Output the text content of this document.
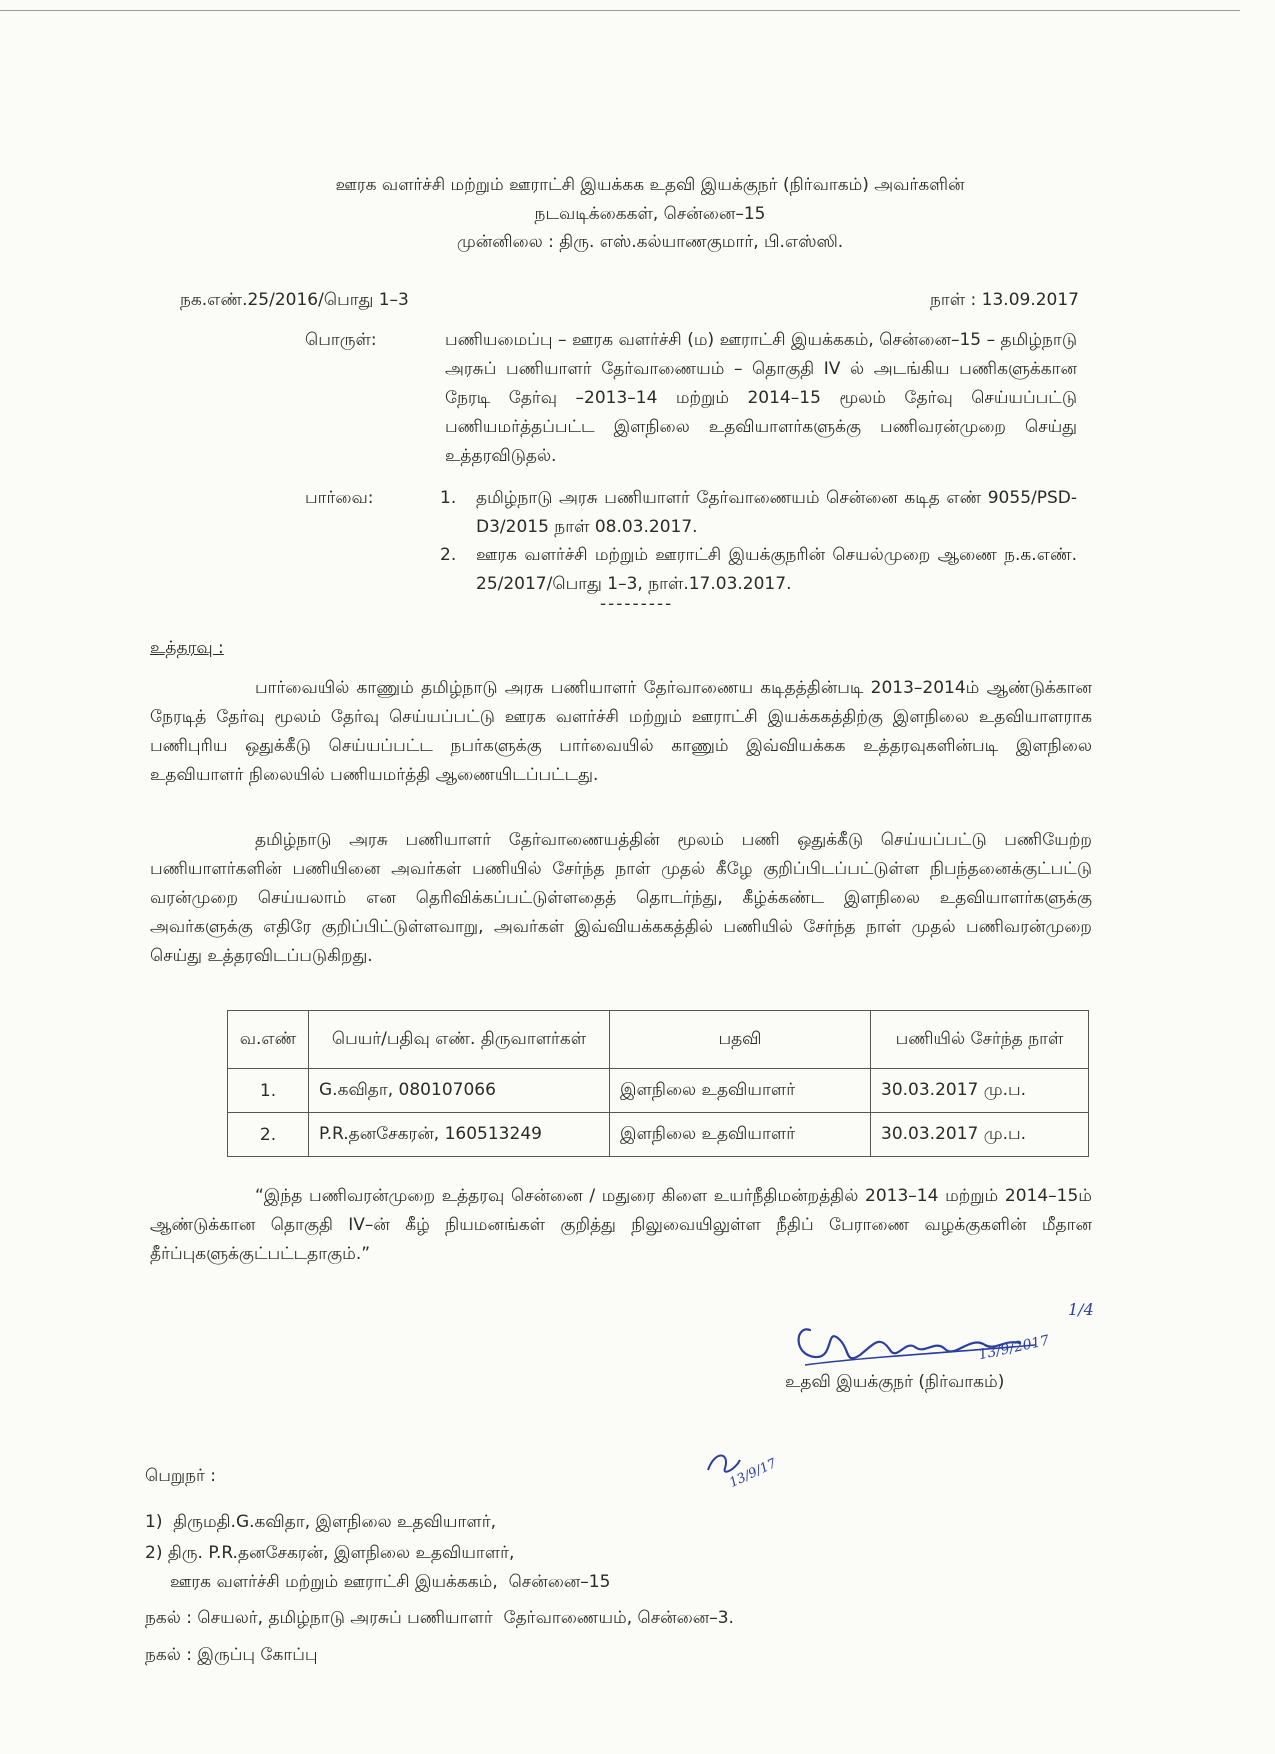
ஊரக வளர்ச்சி மற்றும் ஊராட்சி இயக்கக உதவி இயக்குநர் (நிர்வாகம்) அவர்களின்
நடவடிக்கைகள், சென்னை–15
முன்னிலை : திரு. எஸ்.கல்யாணகுமார், பி.எஸ்ஸி.
நக.எண்.25/2016/பொது 1–3	நாள் : 13.09.2017
பொருள்:	பணியமைப்பு – ஊரக வளர்ச்சி (ம) ஊராட்சி இயக்ககம், சென்னை–15 – தமிழ்நாடு அரசுப் பணியாளர் தேர்வாணையம் – தொகுதி IV ல் அடங்கிய பணிகளுக்கான நேரடி தேர்வு –2013–14 மற்றும் 2014–15 மூலம் தேர்வு செய்யப்பட்டு பணியமர்த்தப்பட்ட இளநிலை உதவியாளர்களுக்கு பணிவரன்முறை செய்து உத்தரவிடுதல்.
பார்வை:	1. தமிழ்நாடு அரசு பணியாளர் தேர்வாணையம் சென்னை கடித எண் 9055/PSD-D3/2015 நாள் 08.03.2017.
2. ஊரக வளர்ச்சி மற்றும் ஊராட்சி இயக்குநரின் செயல்முறை ஆணை ந.க.எண். 25/2017/பொது 1–3, நாள்.17.03.2017.
---------
உத்தரவு :
பார்வையில் காணும் தமிழ்நாடு அரசு பணியாளர் தேர்வாணைய கடிதத்தின்படி 2013–2014ம் ஆண்டுக்கான நேரடித் தேர்வு மூலம் தேர்வு செய்யப்பட்டு ஊரக வளர்ச்சி மற்றும் ஊராட்சி இயக்ககத்திற்கு இளநிலை உதவியாளராக பணிபுரிய ஒதுக்கீடு செய்யப்பட்ட நபர்களுக்கு பார்வையில் காணும் இவ்வியக்கக உத்தரவுகளின்படி இளநிலை உதவியாளர் நிலையில் பணியமர்த்தி ஆணையிடப்பட்டது.
தமிழ்நாடு அரசு பணியாளர் தேர்வாணையத்தின் மூலம் பணி ஒதுக்கீடு செய்யப்பட்டு பணியேற்ற பணியாளர்களின் பணியினை அவர்கள் பணியில் சேர்ந்த நாள் முதல் கீழே குறிப்பிடப்பட்டுள்ள நிபந்தனைக்குட்பட்டு வரன்முறை செய்யலாம் என தெரிவிக்கப்பட்டுள்ளதைத் தொடர்ந்து, கீழ்க்கண்ட இளநிலை உதவியாளர்களுக்கு அவர்களுக்கு எதிரே குறிப்பிட்டுள்ளவாறு, அவர்கள் இவ்வியக்ககத்தில் பணியில் சேர்ந்த நாள் முதல் பணிவரன்முறை செய்து உத்தரவிடப்படுகிறது.
வ.எண்	பெயர்/பதிவு எண். திருவாளர்கள்	பதவி	பணியில் சேர்ந்த நாள்
1.	G.கவிதா, 080107066	இளநிலை உதவியாளர்	30.03.2017 மு.ப.
2.	P.R.தனசேகரன், 160513249	இளநிலை உதவியாளர்	30.03.2017 மு.ப.
“இந்த பணிவரன்முறை உத்தரவு சென்னை / மதுரை கிளை உயர்நீதிமன்றத்தில் 2013–14 மற்றும் 2014–15ம் ஆண்டுக்கான தொகுதி IV–ன் கீழ் நியமனங்கள் குறித்து நிலுவையிலுள்ள நீதிப் பேராணை வழக்குகளின் மீதான தீர்ப்புகளுக்குட்பட்டதாகும்.”
13/9/2017
1/4
உதவி இயக்குநர் (நிர்வாகம்)
13/9/17
பெறுநர் :
1)  திருமதி.G.கவிதா, இளநிலை உதவியாளர்,
2) திரு. P.R.தனசேகரன், இளநிலை உதவியாளர்,
ஊரக வளர்ச்சி மற்றும் ஊராட்சி இயக்ககம்,  சென்னை–15
நகல் : செயலர், தமிழ்நாடு அரசுப் பணியாளர்  தேர்வாணையம், சென்னை–3.
நகல் : இருப்பு கோப்பு
